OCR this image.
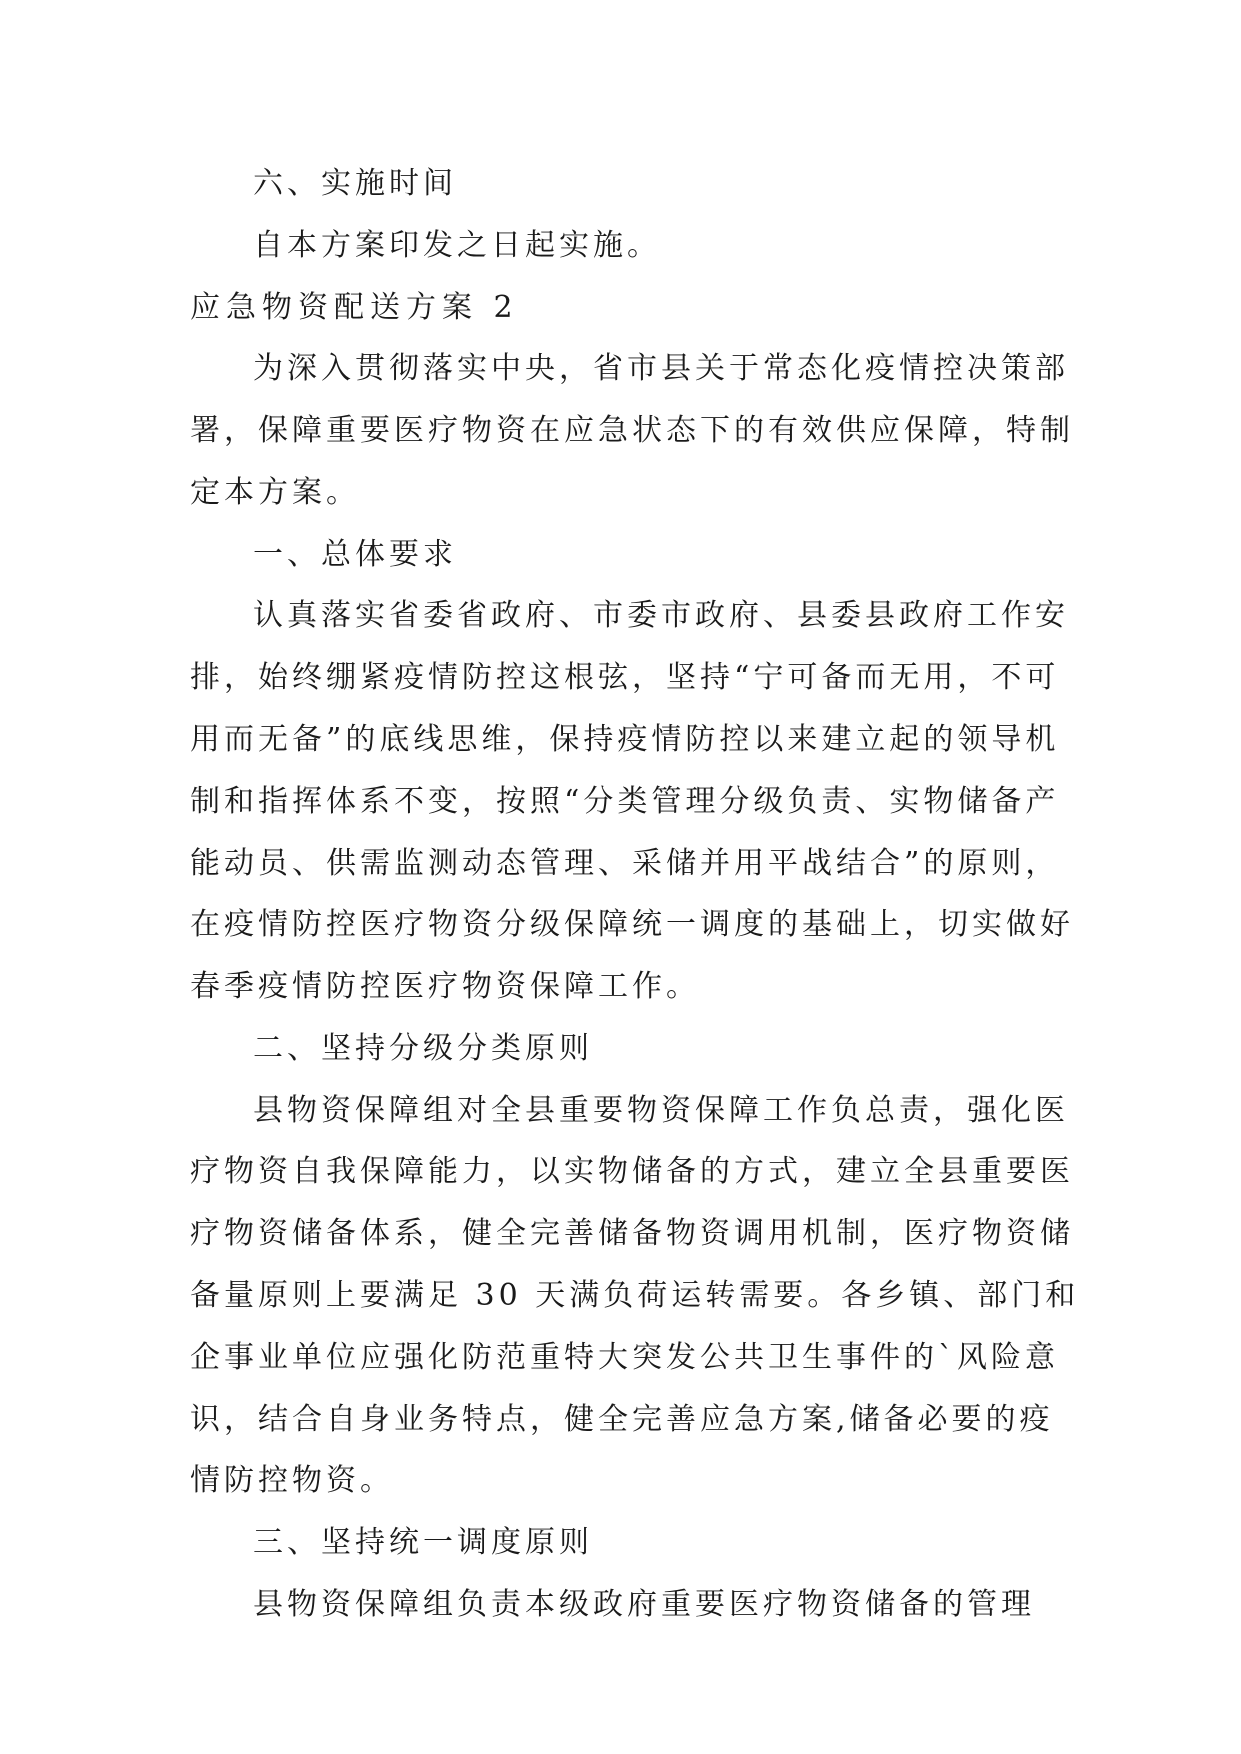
六、实施时间
自本方案印发之日起实施。
应急物资配送方案 2
为深入贯彻落实中央，省市县关于常态化疫情控决策部
署，保障重要医疗物资在应急状态下的有效供应保障，特制
定本方案。
一、总体要求
认真落实省委省政府、市委市政府、县委县政府工作安
排，始终绷紧疫情防控这根弦，坚持“宁可备而无用，不可
用而无备”的底线思维，保持疫情防控以来建立起的领导机
制和指挥体系不变，按照“分类管理分级负责、实物储备产
能动员、供需监测动态管理、采储并用平战结合”的原则，
在疫情防控医疗物资分级保障统一调度的基础上，切实做好
春季疫情防控医疗物资保障工作。
二、坚持分级分类原则
县物资保障组对全县重要物资保障工作负总责，强化医
疗物资自我保障能力，以实物储备的方式，建立全县重要医
疗物资储备体系，健全完善储备物资调用机制，医疗物资储
备量原则上要满足 30 天满负荷运转需要。各乡镇、部门和
企事业单位应强化防范重特大突发公共卫生事件的`风险意
识，结合自身业务特点，健全完善应急方案,储备必要的疫
情防控物资。
三、坚持统一调度原则
县物资保障组负责本级政府重要医疗物资储备的管理
